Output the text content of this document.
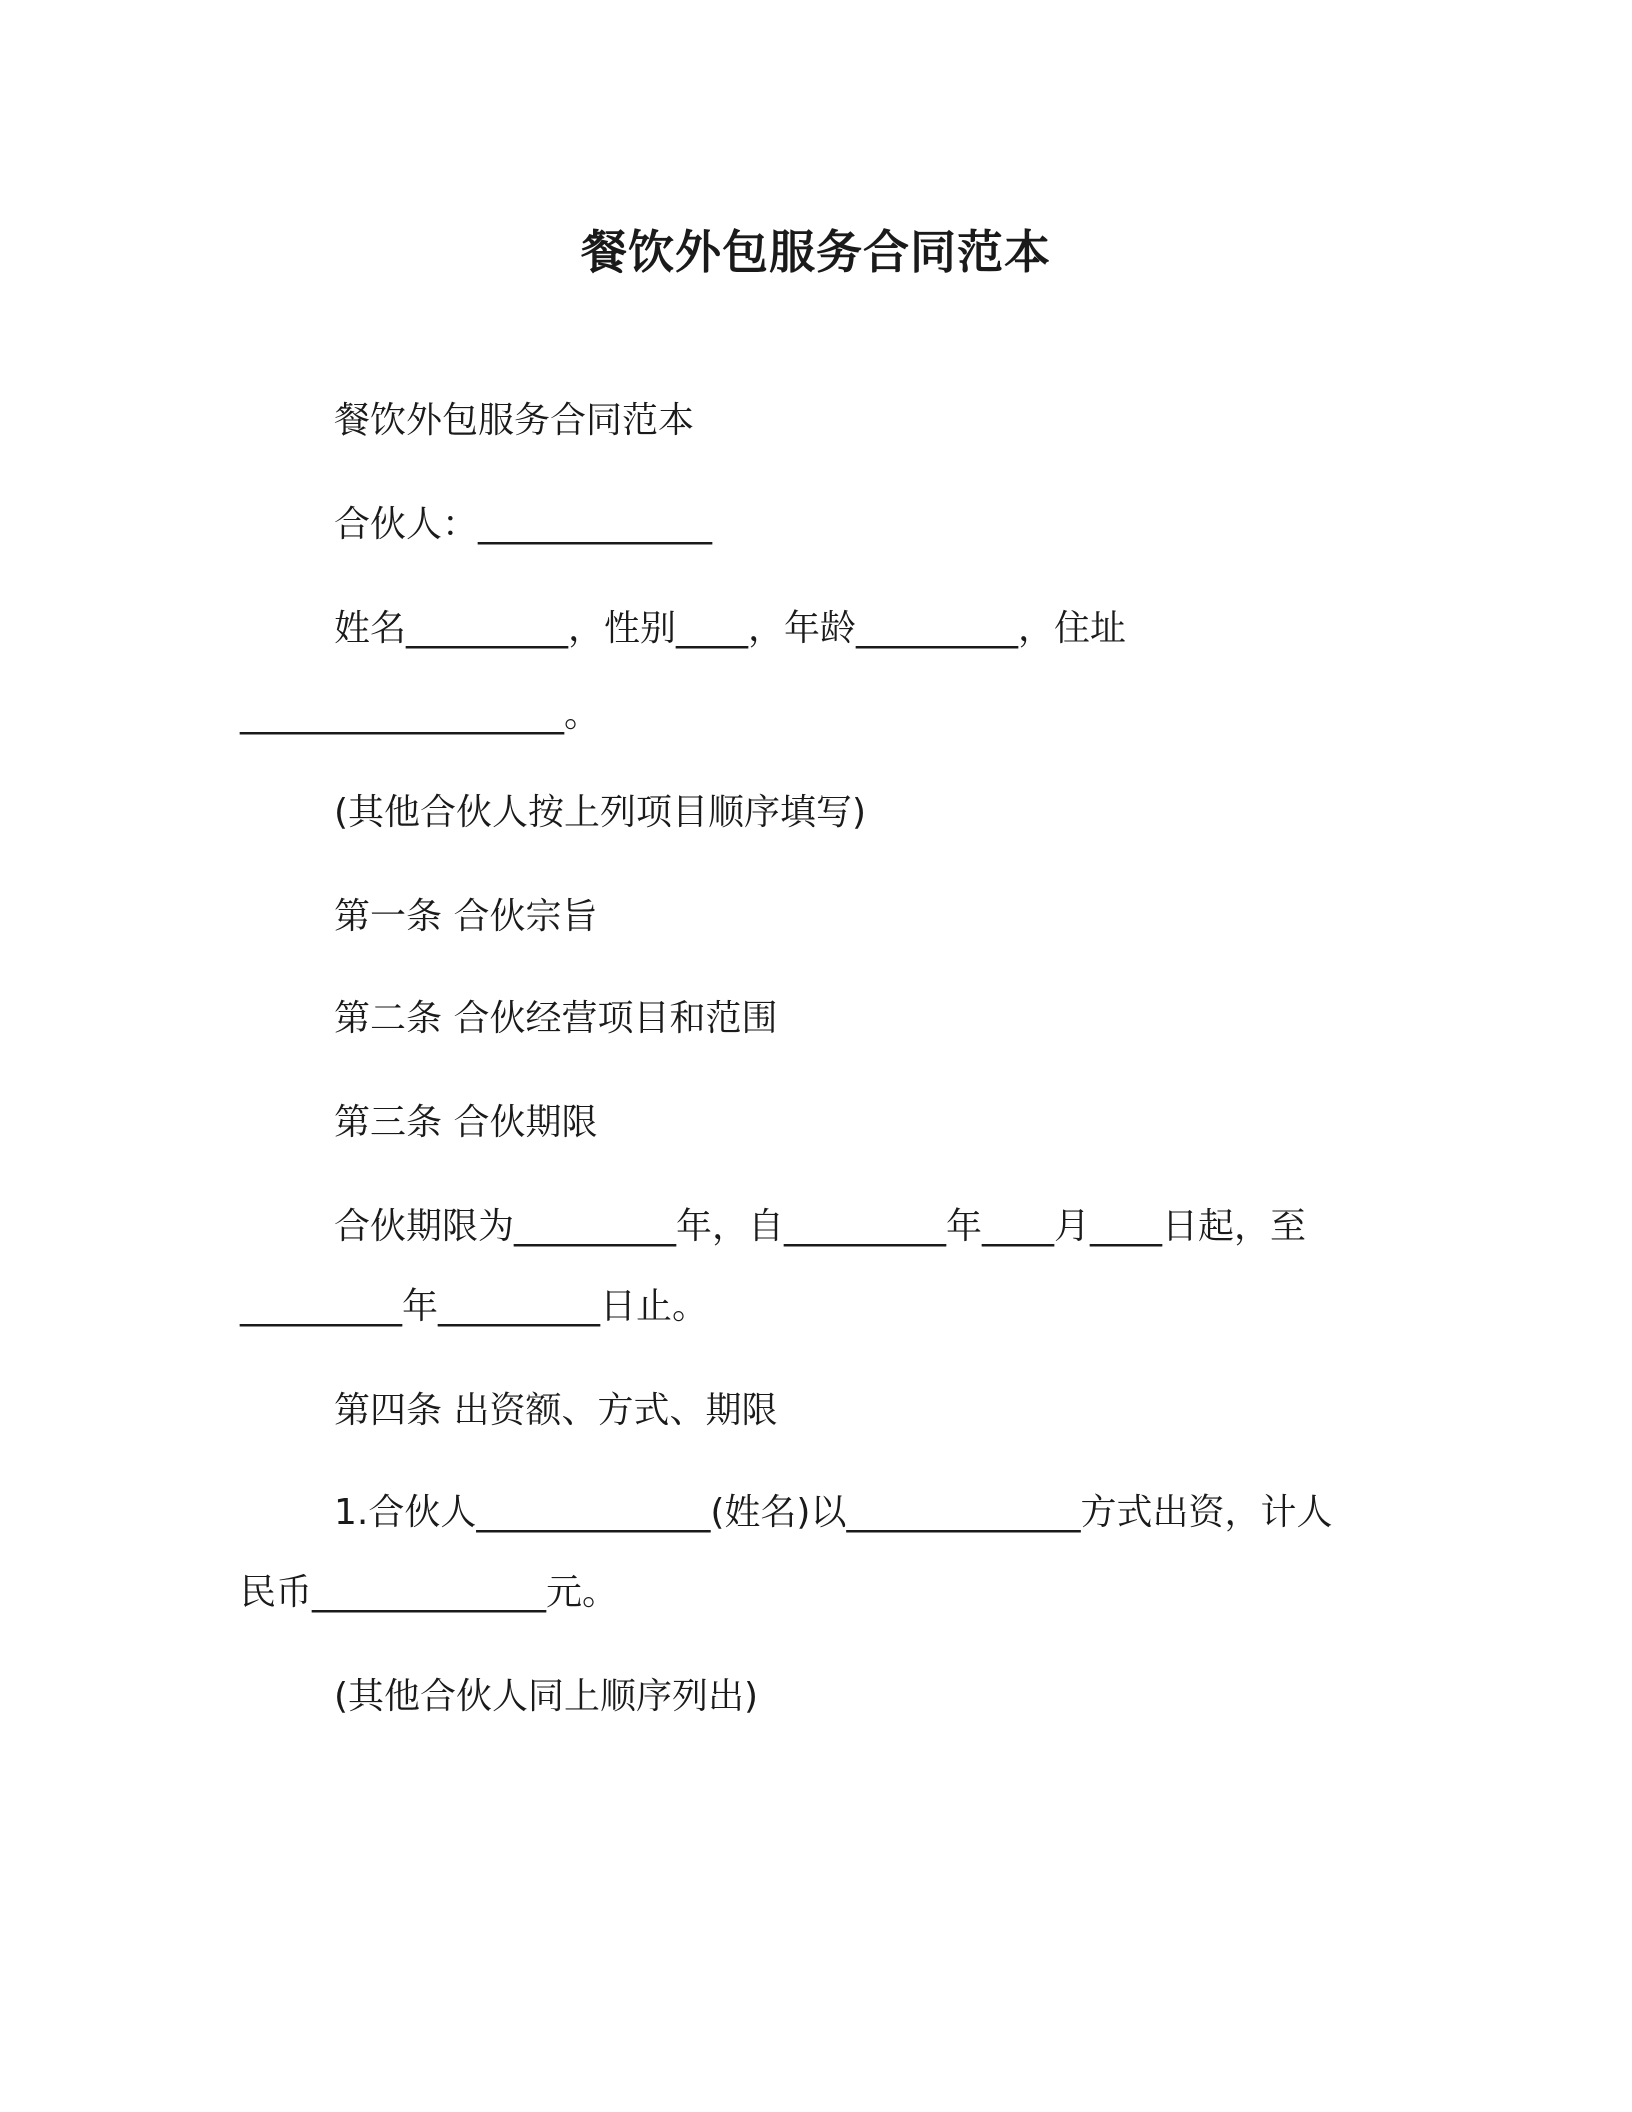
餐饮外包服务合同范本
餐饮外包服务合同范本
合伙人：_____________
姓名_________，性别____，年龄_________，住址
__________________。
(其他合伙人按上列项目顺序填写)
第一条 合伙宗旨
第二条 合伙经营项目和范围
第三条 合伙期限
合伙期限为_________年，自_________年____月____日起，至
_________年_________日止。
第四条 出资额、方式、期限
1.合伙人_____________(姓名)以_____________方式出资，计人
民币_____________元。
(其他合伙人同上顺序列出)
